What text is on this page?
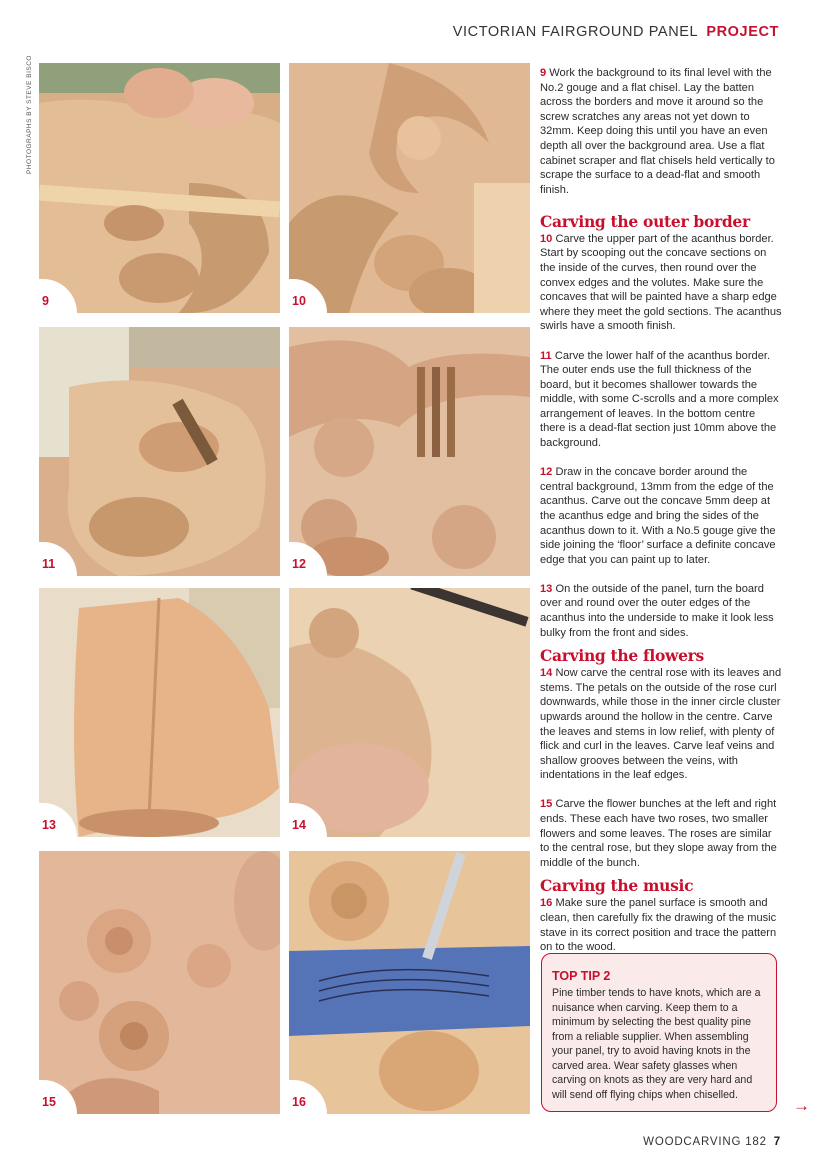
VICTORIAN FAIRGROUND PANEL PROJECT
PHOTOGRAPHS BY STEVE BISCO
9	10
11	12
13	14
15	16

9 Work the background to its final level with the No.2 gouge and a flat chisel. Lay the batten across the borders and move it around so the screw scratches any areas not yet down to 32mm. Keep doing this until you have an even depth all over the background area. Use a flat cabinet scraper and flat chisels held vertically to scrape the surface to a dead-flat and smooth finish.

Carving the outer border

10 Carve the upper part of the acanthus border. Start by scooping out the concave sections on the inside of the curves, then round over the convex edges and the volutes. Make sure the concaves that will be painted have a sharp edge where they meet the gold sections. The acanthus swirls have a smooth finish.

11 Carve the lower half of the acanthus border. The outer ends use the full thickness of the board, but it becomes shallower towards the middle, with some C-scrolls and a more complex arrangement of leaves. In the bottom centre there is a dead-flat section just 10mm above the background.

12 Draw in the concave border around the central background, 13mm from the edge of the acanthus. Carve out the concave 5mm deep at the acanthus edge and bring the sides of the acanthus down to it. With a No.5 gouge give the side joining the ‘floor’ surface a definite concave edge that you can paint up to later.

13 On the outside of the panel, turn the board over and round over the outer edges of the acanthus into the underside to make it look less bulky from the front and sides.

Carving the flowers

14 Now carve the central rose with its leaves and stems. The petals on the outside of the rose curl downwards, while those in the inner circle cluster upwards around the hollow in the centre. Carve the leaves and stems in low relief, with plenty of flick and curl in the leaves. Carve leaf veins and shallow grooves between the veins, with indentations in the leaf edges.

15 Carve the flower bunches at the left and right ends. These each have two roses, two smaller flowers and some leaves. The roses are similar to the central rose, but they slope away from the middle of the bunch.

Carving the music

16 Make sure the panel surface is smooth and clean, then carefully fix the drawing of the music stave in its correct position and trace the pattern on to the wood.

TOP TIP 2

Pine timber tends to have knots, which are a nuisance when carving. Keep them to a minimum by selecting the best quality pine from a reliable supplier. When assembling your panel, try to avoid having knots in the carved area. Wear safety glasses when carving on knots as they are very hard and will send off flying chips when chiselled.

→
WOODCARVING 182 7
